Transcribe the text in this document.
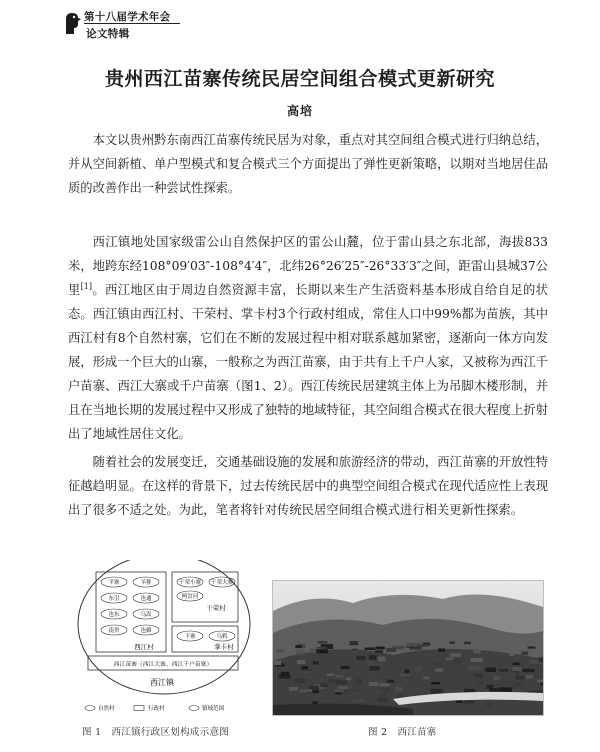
第十八届学术年会
论文特辑
贵州西江苗寨传统民居空间组合模式更新研究
高培

本文以贵州黔东南西江苗寨传统民居为对象，重点对其空间组合模式进行归纳总结，并从空间新植、单户型模式和复合模式三个方面提出了弹性更新策略，以期对当地居住品质的改善作出一种尝试性探索。

西江镇地处国家级雷公山自然保护区的雷公山麓，位于雷山县之东北部，海拔833米，地跨东经108°09′03″-108°4′4″，北纬26°26′25″-26°33′3″之间，距雷山县城37公里[1]。西江地区由于周边自然资源丰富，长期以来生产生活资料基本形成自给自足的状态。西江镇由西江村、干荣村、掌卡村3个行政村组成，常住人口中99%都为苗族，其中西江村有8个自然村寨，它们在不断的发展过程中相对联系越加紧密，逐渐向一体方向发展，形成一个巨大的山寨，一般称之为西江苗寨，由于共有上千户人家，又被称为西江千户苗寨、西江大寨或千户苗寨（图1、2）。西江传统民居建筑主体上为吊脚木楼形制，并且在当地长期的发展过程中又形成了独特的地域特征，其空间组合模式在很大程度上折射出了地域性居住文化。

随着社会的发展变迁，交通基础设施的发展和旅游经济的带动，西江苗寨的开放性特征越趋明显。在这样的背景下，过去传统民居中的典型空间组合模式在现代适应性上表现出了很多不适之处。为此，笔者将针对传统民居空间组合模式进行相关更新性探索。

平寨	羊排
东引	也通
也东	乌嵩
南贵	也薅
干荣小寨 干荣大寨
两岔河
下寨	乌鸦
干荣村
西江村	掌卡村
西江苗寨（西江大寨、西江千户苗寨）
西江镇
自然村	行政村	镇域范围
图 1 西江镇行政区划构成示意图	图 2 西江苗寨
